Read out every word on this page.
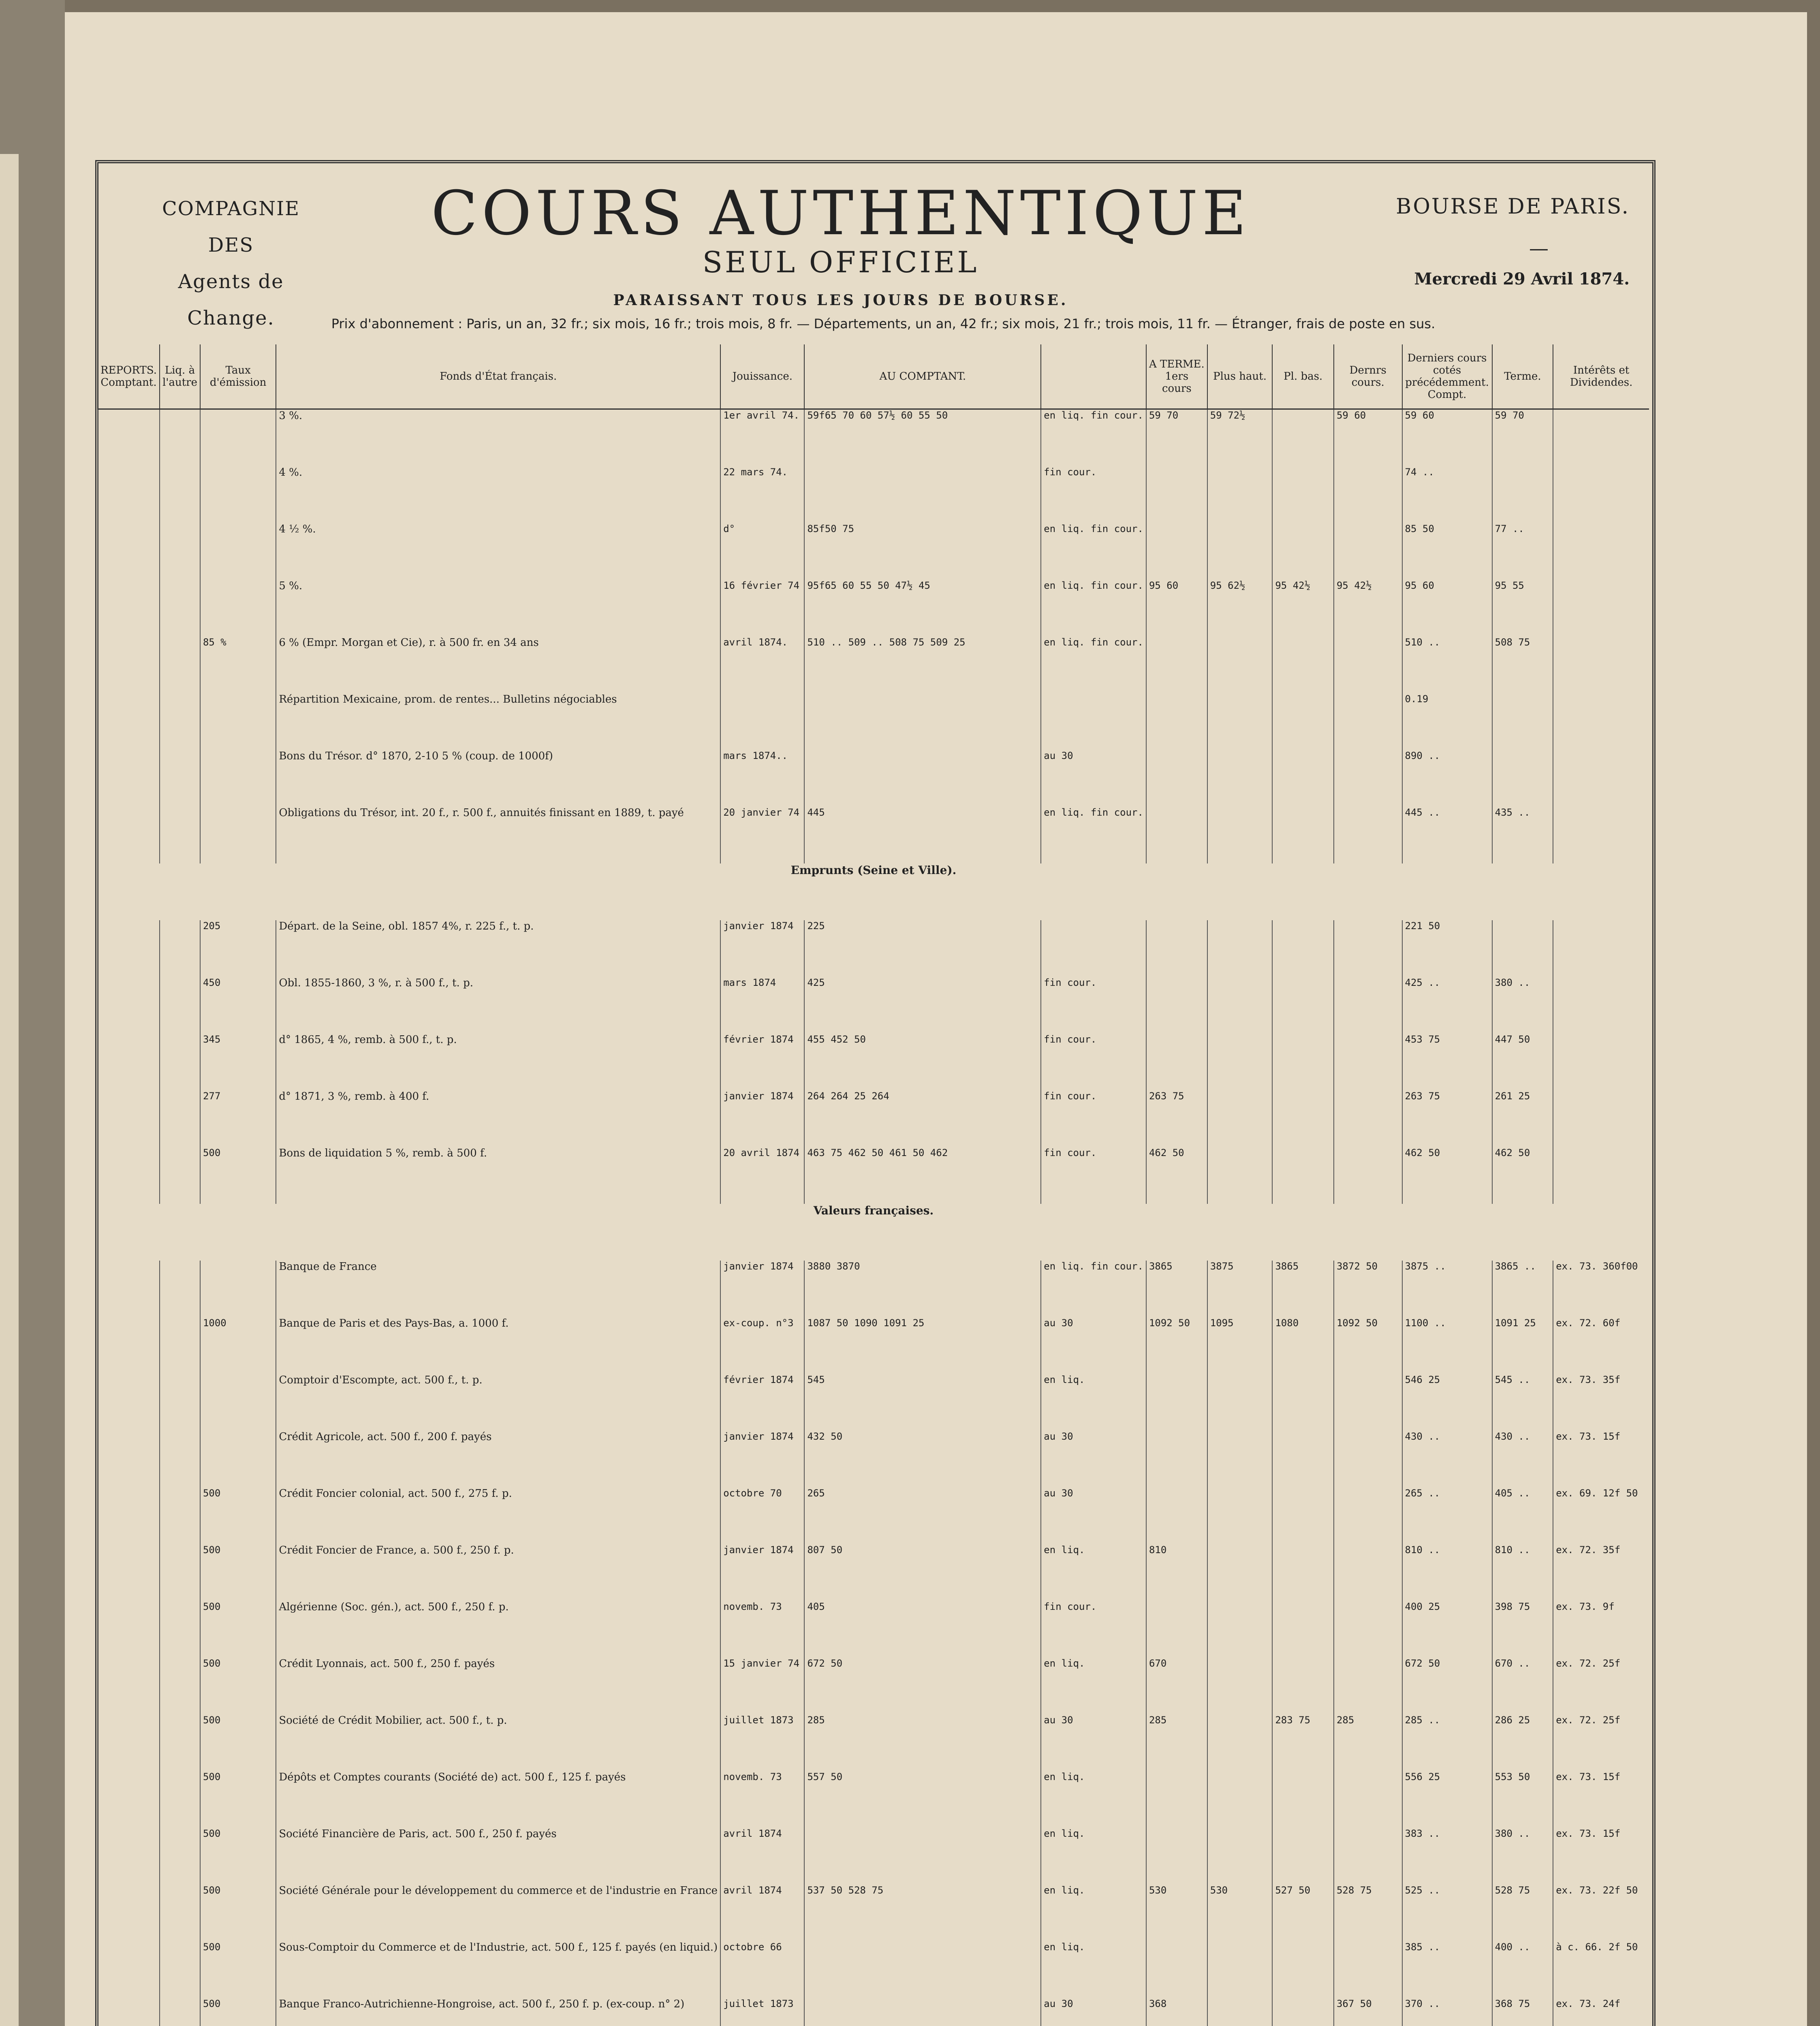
COMPAGNIE
DES
Agents de Change.
COURS AUTHENTIQUE
SEUL OFFICIEL
PARAISSANT TOUS LES JOURS DE BOURSE.
BOURSE DE PARIS.
—
Mercredi 29 Avril 1874.
Prix d'abonnement : Paris, un an, 32 fr.; six mois, 16 fr.; trois mois, 8 fr. — Départements, un an, 42 fr.; six mois, 21 fr.; trois mois, 11 fr. — Étranger, frais de poste en sus.
REPORTS. Comptant.	Liq. à l'autre	Taux d'émission	Fonds d'État français.	Jouissance.	AU COMPTANT.		A TERME. 1ers cours	Plus haut.	Pl. bas.	Dernrs cours.	Derniers cours cotés précédemment. Compt.	Terme.	Intérêts et Dividendes.
			3 %.	1er avril 74.	59f65 70 60 57½ 60 55 50	en liq. fin cour.	59 70	59 72½		59 60	59 60	59 70	
			4 %.	22 mars 74.		fin cour.					74 ..		
			4 ½ %.	d°	85f50 75	en liq. fin cour.					85 50	77 ..	
			5 %.	16 février 74	95f65 60 55 50 47½ 45	en liq. fin cour.	95 60	95 62½	95 42½	95 42½	95 60	95 55	
		85 %	6 % (Empr. Morgan et Cie), r. à 500 fr. en 34 ans	avril 1874.	510 .. 509 .. 508 75 509 25	en liq. fin cour.					510 ..	508 75	
			Répartition Mexicaine, prom. de rentes... Bulletins négociables								0.19		
			Bons du Trésor. d° 1870, 2-10 5 % (coup. de 1000f)	mars 1874..		au 30					890 ..		
			Obligations du Trésor, int. 20 f., r. 500 f., annuités finissant en 1889, t. payé	20 janvier 74	445	en liq. fin cour.					445 ..	435 ..	
Emprunts (Seine et Ville).													
		205	Départ. de la Seine, obl. 1857 4%, r. 225 f., t. p.	janvier 1874	225						221 50		
		450	Obl. 1855-1860, 3 %, r. à 500 f., t. p.	mars 1874	425	fin cour.					425 ..	380 ..	
		345	d° 1865, 4 %, remb. à 500 f., t. p.	février 1874	455 452 50	fin cour.					453 75	447 50	
		277	d° 1871, 3 %, remb. à 400 f.	janvier 1874	264 264 25 264	fin cour.	263 75				263 75	261 25	
		500	Bons de liquidation 5 %, remb. à 500 f.	20 avril 1874	463 75 462 50 461 50 462	fin cour.	462 50				462 50	462 50	
Valeurs françaises.													
			Banque de France	janvier 1874	3880 3870	en liq. fin cour.	3865	3875	3865	3872 50	3875 ..	3865 ..	ex. 73. 360f00
		1000	Banque de Paris et des Pays-Bas, a. 1000 f.	ex-coup. n°3	1087 50 1090 1091 25	au 30	1092 50	1095	1080	1092 50	1100 ..	1091 25	ex. 72. 60f
			Comptoir d'Escompte, act. 500 f., t. p.	février 1874	545	en liq.					546 25	545 ..	ex. 73. 35f
			Crédit Agricole, act. 500 f., 200 f. payés	janvier 1874	432 50	au 30					430 ..	430 ..	ex. 73. 15f
		500	Crédit Foncier colonial, act. 500 f., 275 f. p.	octobre 70	265	au 30					265 ..	405 ..	ex. 69. 12f 50
		500	Crédit Foncier de France, a. 500 f., 250 f. p.	janvier 1874	807 50	en liq.	810				810 ..	810 ..	ex. 72. 35f
		500	Algérienne (Soc. gén.), act. 500 f., 250 f. p.	novemb. 73	405	fin cour.					400 25	398 75	ex. 73. 9f
		500	Crédit Lyonnais, act. 500 f., 250 f. payés	15 janvier 74	672 50	en liq.	670				672 50	670 ..	ex. 72. 25f
		500	Société de Crédit Mobilier, act. 500 f., t. p.	juillet 1873	285	au 30	285		283 75	285	285 ..	286 25	ex. 72. 25f
		500	Dépôts et Comptes courants (Société de) act. 500 f., 125 f. payés	novemb. 73	557 50	en liq.					556 25	553 50	ex. 73. 15f
		500	Société Financière de Paris, act. 500 f., 250 f. payés	avril 1874		en liq.					383 ..	380 ..	ex. 73. 15f
		500	Société Générale pour le développement du commerce et de l'industrie en France	avril 1874	537 50 528 75	en liq.	530	530	527 50	528 75	525 ..	528 75	ex. 73. 22f 50
		500	Sous-Comptoir du Commerce et de l'Industrie, act. 500 f., 125 f. payés (en liquid.)	octobre 66		en liq.					385 ..	400 ..	à c. 66. 2f 50
		500	Banque Franco-Autrichienne-Hongroise, act. 500 f., 250 f. p. (ex-coup. n° 2)	juillet 1873		au 30	368			367 50	370 ..	368 75	ex. 73. 24f
